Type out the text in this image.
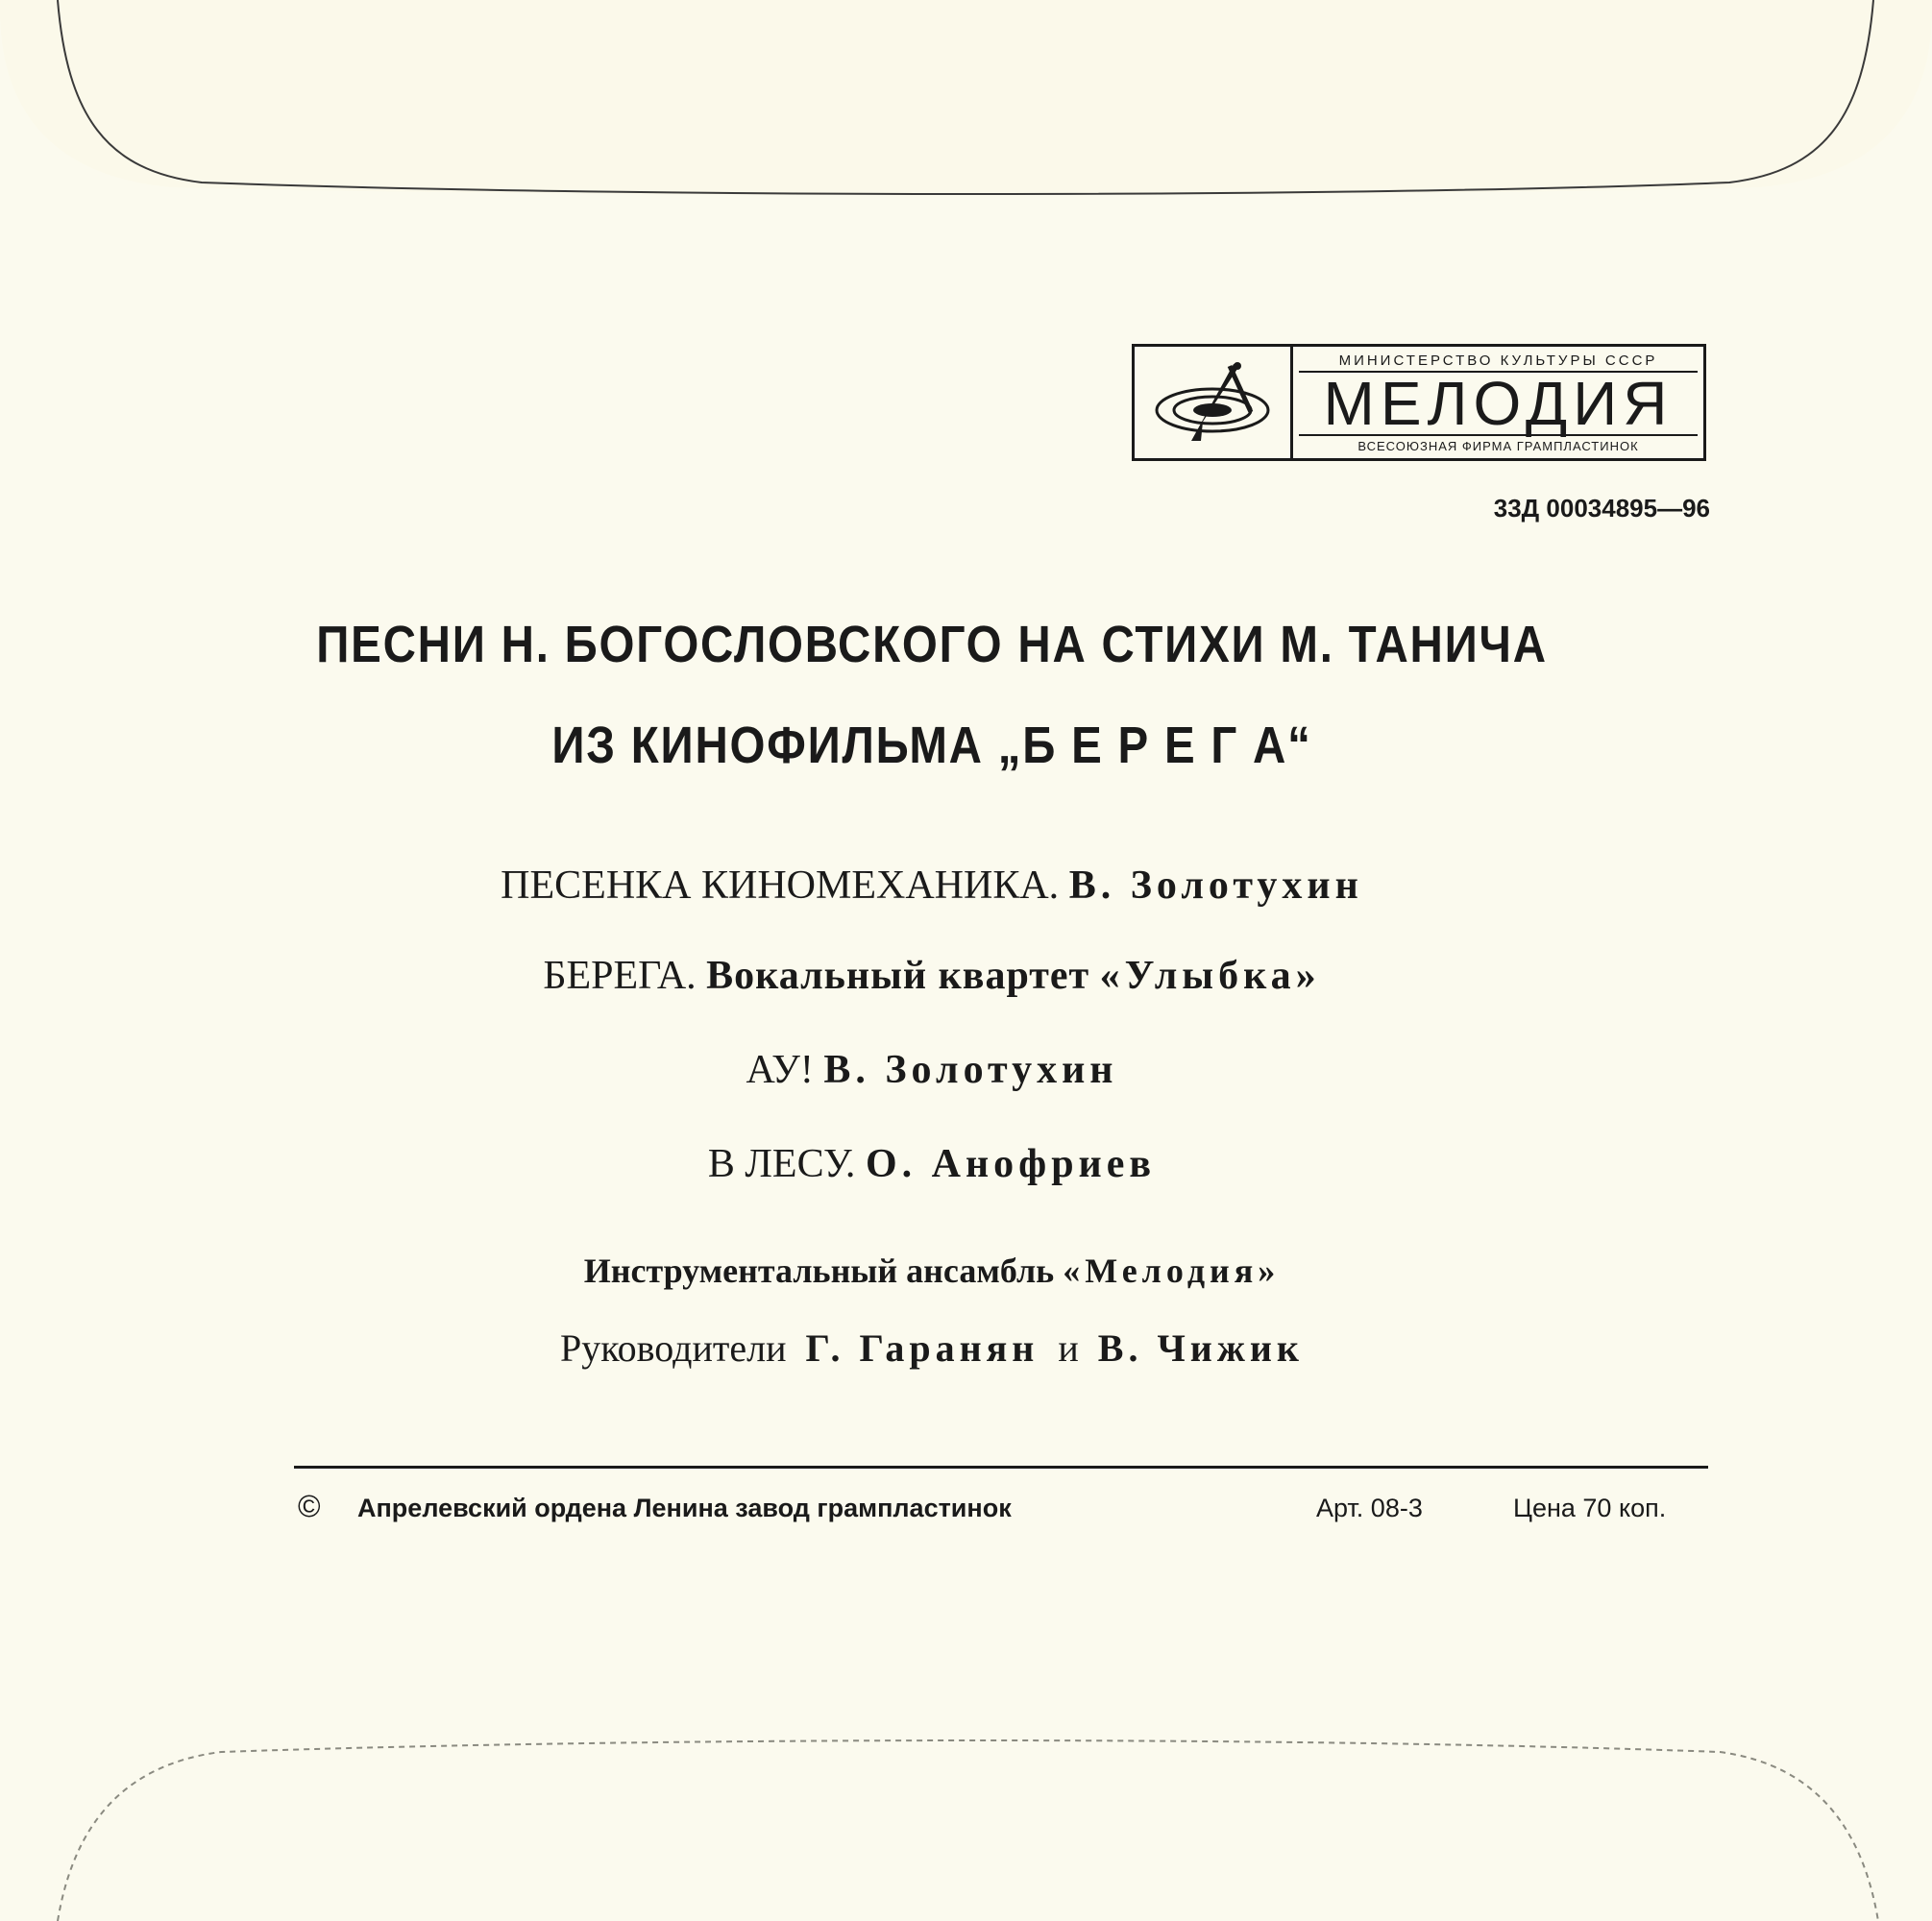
МИНИСТЕРСТВО КУЛЬТУРЫ СССР
МЕЛОДИЯ
ВСЕСОЮЗНАЯ ФИРМА ГРАМПЛАСТИНОК
33Д 00034895—96
ПЕСНИ Н. БОГОСЛОВСКОГО НА СТИХИ М. ТАНИЧА
ИЗ КИНОФИЛЬМА „Б Е Р Е Г А“
ПЕСЕНКА КИНОМЕХАНИКА. В. Золотухин
БЕРЕГА. Вокальный квартет «Улыбка»
АУ! В. Золотухин
В ЛЕСУ. О. Анофриев
Инструментальный ансамбль «Мелодия»
Руководители Г. Гаранян и В. Чижик
© Апрелевский ордена Ленина завод грампластинок	Арт. 08-3	Цена 70 коп.
